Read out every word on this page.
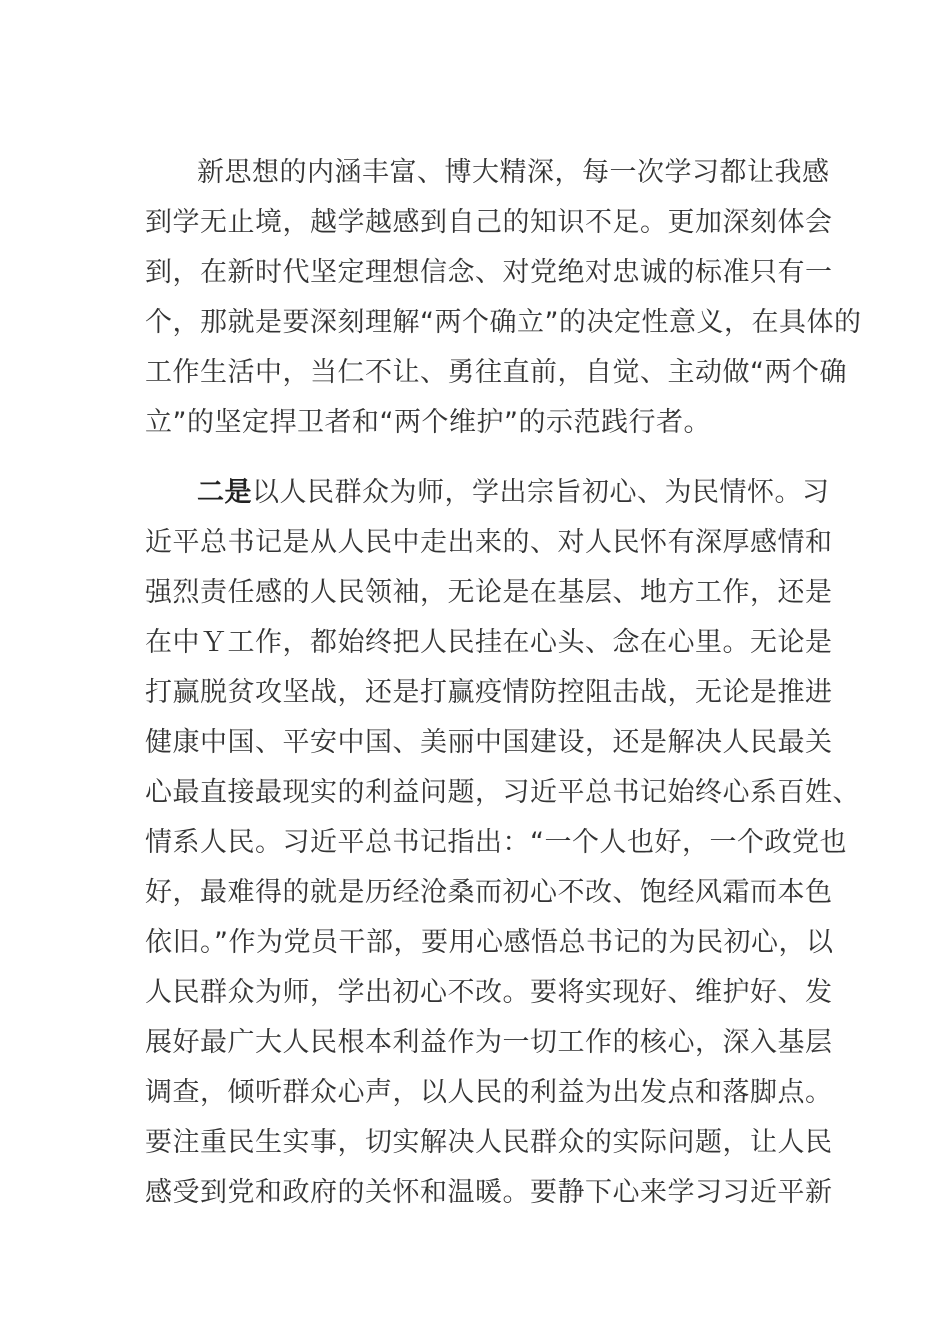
新思想的内涵丰富、博大精深，每一次学习都让我感
到学无止境，越学越感到自己的知识不足。更加深刻体会
到，在新时代坚定理想信念、对党绝对忠诚的标准只有一
个，那就是要深刻理解“两个确立”的决定性意义，在具体的
工作生活中，当仁不让、勇往直前，自觉、主动做“两个确
立”的坚定捍卫者和“两个维护”的示范践行者。

二是以人民群众为师，学出宗旨初心、为民情怀。习
近平总书记是从人民中走出来的、对人民怀有深厚感情和
强烈责任感的人民领袖，无论是在基层、地方工作，还是
在中Ｙ工作，都始终把人民挂在心头、念在心里。无论是
打赢脱贫攻坚战，还是打赢疫情防控阻击战，无论是推进
健康中国、平安中国、美丽中国建设，还是解决人民最关
心最直接最现实的利益问题，习近平总书记始终心系百姓、
情系人民。习近平总书记指出：“一个人也好，一个政党也
好，最难得的就是历经沧桑而初心不改、饱经风霜而本色
依旧。”作为党员干部，要用心感悟总书记的为民初心，以
人民群众为师，学出初心不改。要将实现好、维护好、发
展好最广大人民根本利益作为一切工作的核心，深入基层
调查，倾听群众心声，以人民的利益为出发点和落脚点。
要注重民生实事，切实解决人民群众的实际问题，让人民
感受到党和政府的关怀和温暖。要静下心来学习习近平新
